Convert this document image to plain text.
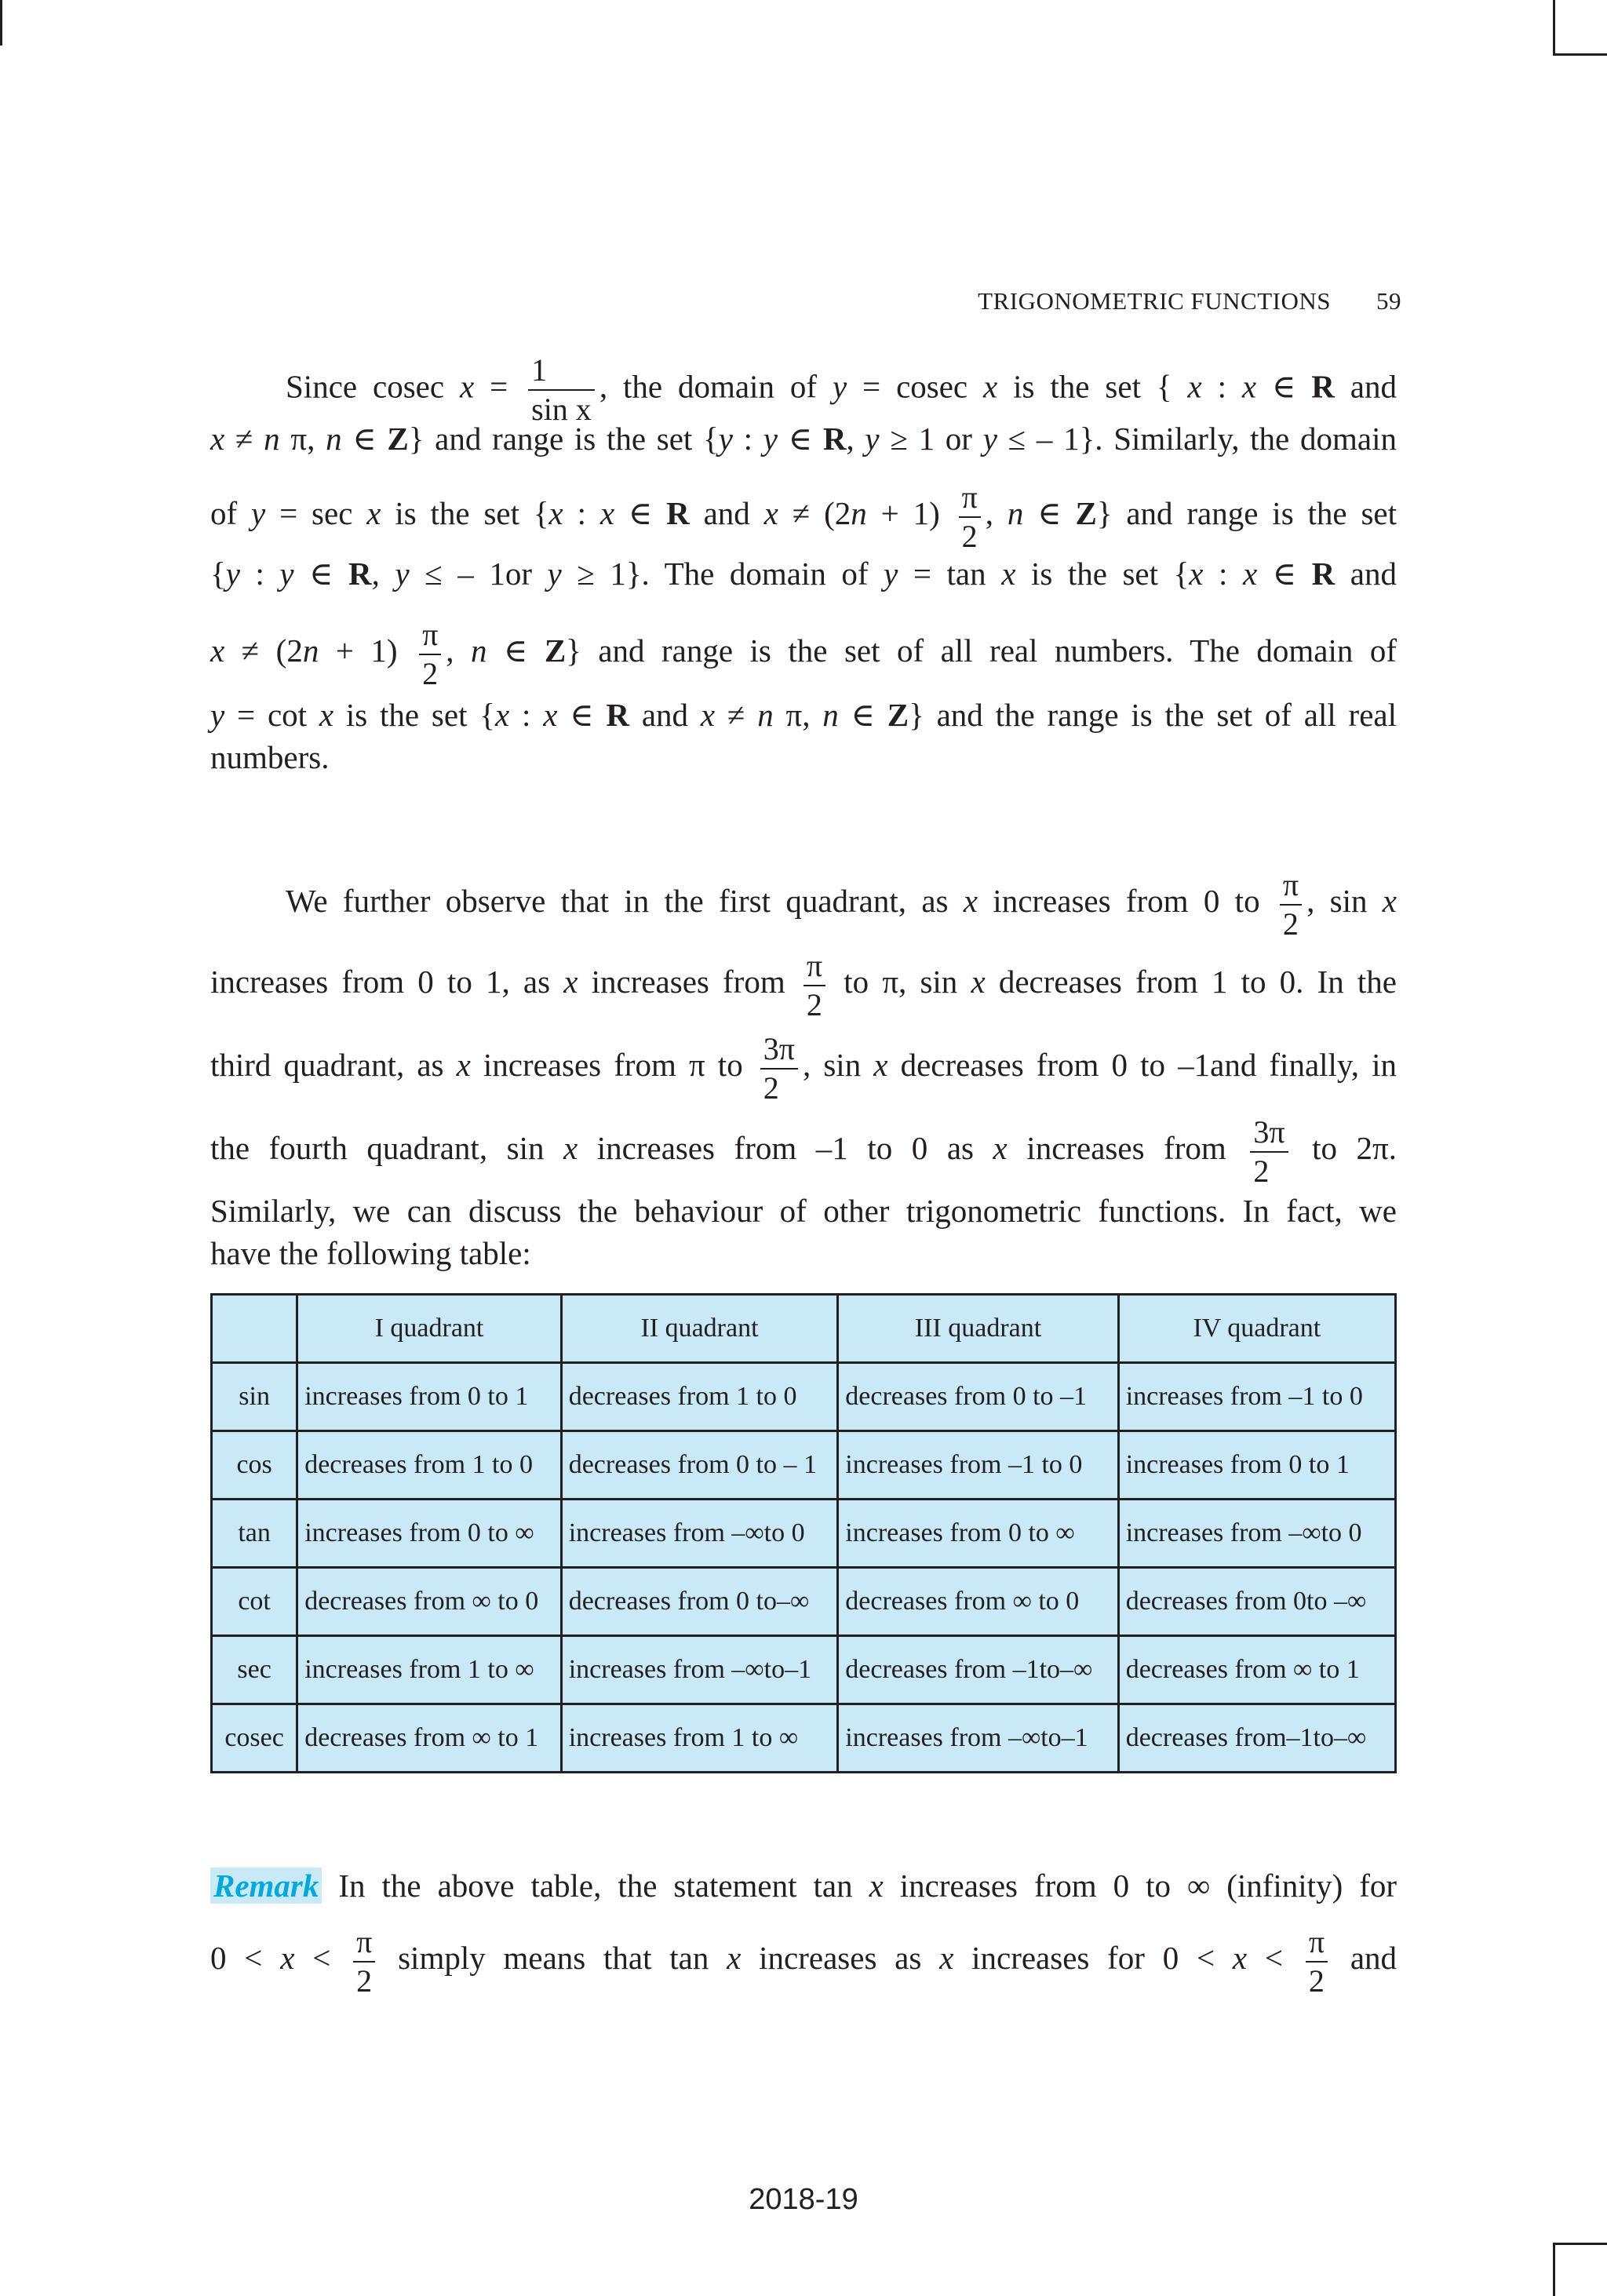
TRIGONOMETRIC FUNCTIONS 59
Since cosec $x = \frac{1}{\text{sin x}}$ , the domain of y = cosec x is the set { x : x ∈ R and
x ≠ n π, n ∈ Z} and range is the set {y : y ∈ R, y ≥ 1 or y ≤ – 1}. Similarly, the domain
of y = sec x is the set {x : x ∈ R and $x \ne (2n + 1) \frac{\pi}{2}$ , n ∈ Z} and range is the set
{y : y ∈ R, y ≤ – 1or y ≥ 1}. The domain of y = tan x is the set {x : x ∈ R and
$x \ne (2n + 1) \frac{\pi}{2}$ , n ∈ Z} and range is the set of all real numbers. The domain of
y = cot x is the set {x : x ∈ R and x ≠ n π, n ∈ Z} and the range is the set of all real
numbers.
We further observe that in the first quadrant, as x increases from 0 to $\frac{\pi}{2}$ , sin x
increases from 0 to 1, as x increases from $\frac{\pi}{2}$ to π, sin x decreases from 1 to 0. In the
third quadrant, as x increases from π to $\frac{3\pi}{2}$ , sin x decreases from 0 to –1and finally, in
the fourth quadrant, sin x increases from –1 to 0 as x increases from $\frac{3\pi}{2}$ to 2π.
Similarly, we can discuss the behaviour of other trigonometric functions. In fact, we
have the following table:
	I quadrant	II quadrant	III quadrant	IV quadrant
sin	increases from 0 to 1	decreases from 1 to 0	decreases from 0 to –1	increases from –1 to 0
cos	decreases from 1 to 0	decreases from 0 to – 1	increases from –1 to 0	increases from 0 to 1
tan	increases from 0 to ∞	increases from –∞to 0	increases from 0 to ∞	increases from –∞to 0
cot	decreases from ∞ to 0	decreases from 0 to–∞	decreases from ∞ to 0	decreases from 0to –∞
sec	increases from 1 to ∞	increases from –∞to–1	decreases from –1to–∞	decreases from ∞ to 1
cosec	decreases from ∞ to 1	increases from 1 to ∞	increases from –∞to–1	decreases from–1to–∞
Remark In the above table, the statement tan x increases from 0 to ∞ (infinity) for
$0 < x < \frac{\pi}{2}$ simply means that tan x increases as x increases for $0 < x < \frac{\pi}{2}$ and
2018-19
